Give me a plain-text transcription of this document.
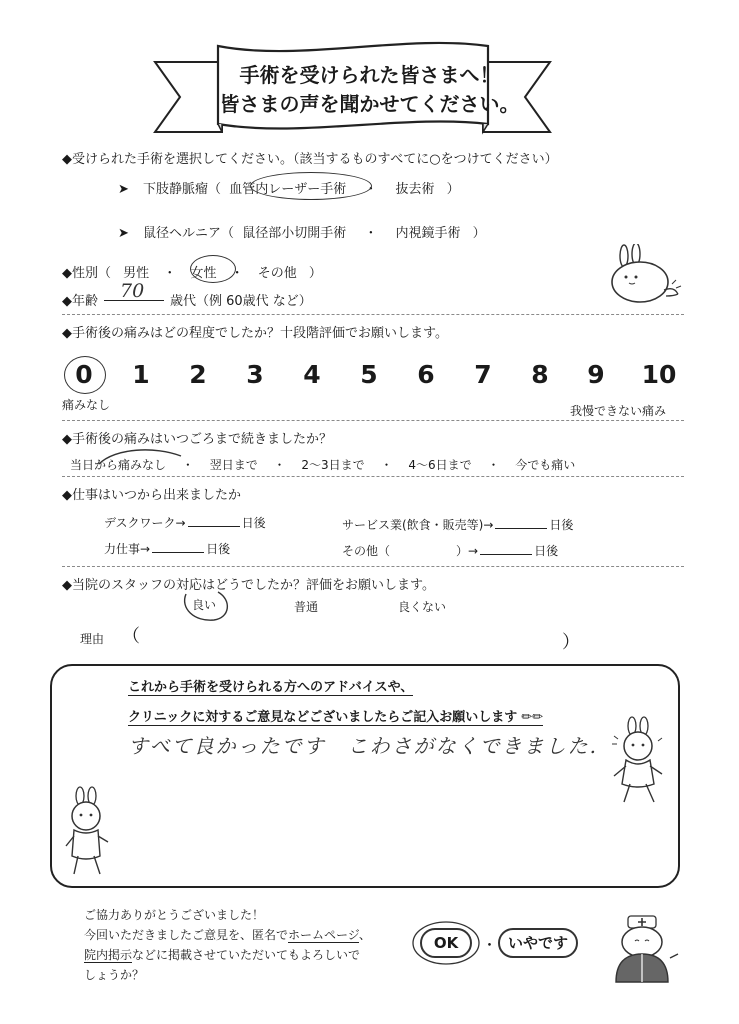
手術を受けられた皆さまへ！
皆さまの声を聞かせてください。
◆受けられた手術を選択してください。（該当するものすべてに○をつけてください）
➤ 下肢静脈瘤（ 血管内レーザー手術 ・ 抜去術 ）
➤ 鼠径ヘルニア（ 鼠径部小切開手術 ・ 内視鏡手術 ）
◆性別（ 男性 ・ 女性 ・ その他 ）
◆年齢 70 歳代（例 60歳代 など）
◆手術後の痛みはどの程度でしたか？十段階評価でお願いします。
0	1	2	3	4	5	6	7	8	9	10
痛みなし	我慢できない痛み
◆手術後の痛みはいつごろまで続きましたか？
当日から痛みなし ・ 翌日まで ・ 2～3日まで ・ 4～6日まで ・ 今でも痛い
◆仕事はいつから出来ましたか
デスクワーク→	日後	サービス業(飲食・販売等)→	日後
力仕事→	日後	その他（	）→	日後
◆当院のスタッフの対応はどうでしたか？評価をお願いします。
良い	普通	良くない
理由 （	）
これから手術を受けられる方へのアドバイスや、
クリニックに対するご意見などございましたらご記入お願いします ✏✏
すべて良かったです　こわさがなくできました.
ご協力ありがとうございました！
今回いただきましたご意見を、匿名でホームページ、
院内掲示などに掲載させていただいてもよろしいで
しょうか？
OK	・ いやです
